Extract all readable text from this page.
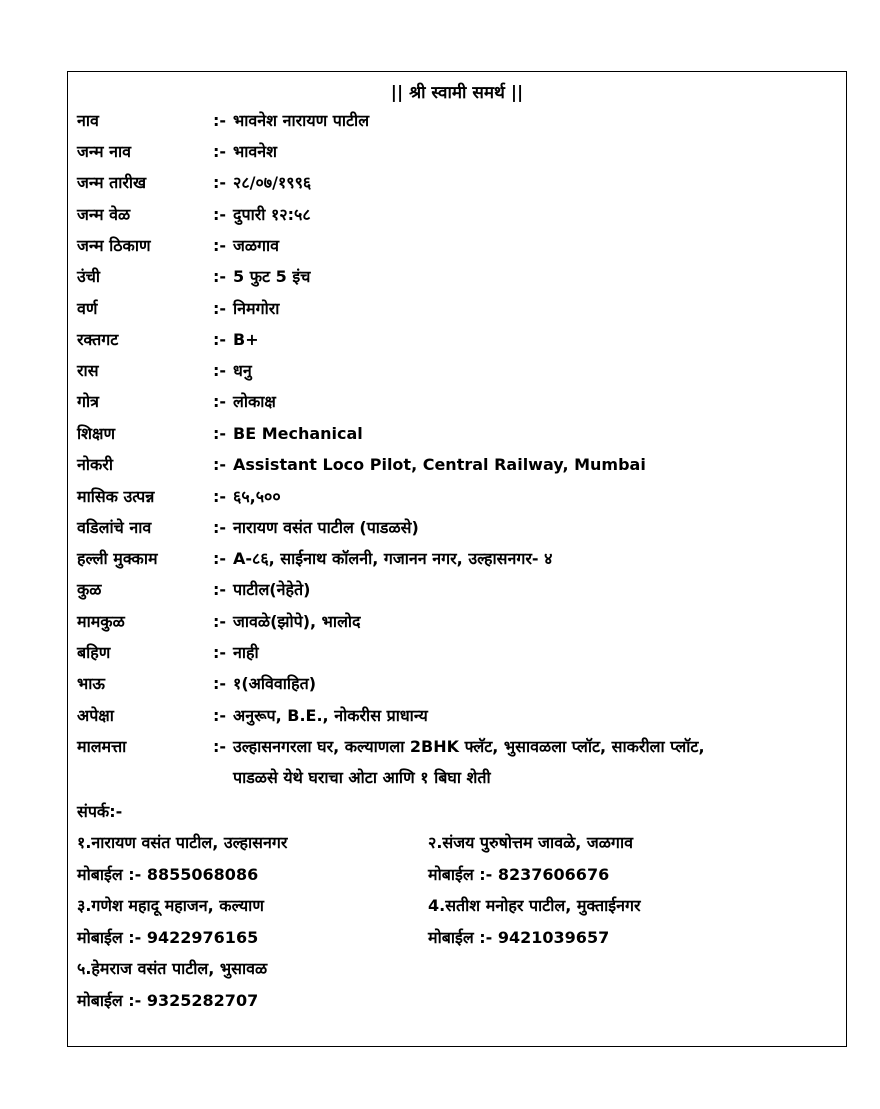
|| श्री स्वामी समर्थ ||
नाव	:- भावनेश नारायण पाटील
जन्म नाव	:- भावनेश
जन्म तारीख	:- २८/०७/१९९६
जन्म वेळ	:- दुपारी १२:५८
जन्म ठिकाण	:- जळगाव
उंची	:- 5 फुट 5 इंच
वर्ण	:- निमगोरा
रक्तगट	:- B+
रास	:- धनु
गोत्र	:- लोकाक्ष
शिक्षण	:- BE Mechanical
नोकरी	:- Assistant Loco Pilot, Central Railway, Mumbai
मासिक उत्पन्न	:- ६५,५००
वडिलांचे नाव	:- नारायण वसंत पाटील (पाडळसे)
हल्ली मुक्काम	:- A-८६, साईनाथ कॉलनी, गजानन नगर, उल्हासनगर- ४
कुळ	:- पाटील(नेहेते)
मामकुळ	:- जावळे(झोपे), भालोद
बहिण	:- नाही
भाऊ	:- १(अविवाहित)
अपेक्षा	:- अनुरूप, B.E., नोकरीस प्राधान्य
मालमत्ता	:- उल्हासनगरला घर, कल्याणला 2BHK फ्लॅट, भुसावळला प्लॉट, साकरीला प्लॉट,
पाडळसे येथे घराचा ओटा आणि १ बिघा शेती
संपर्क:-
१.नारायण वसंत पाटील, उल्हासनगर
मोबाईल :- 8855068086
२.संजय पुरुषोत्तम जावळे, जळगाव
मोबाईल :- 8237606676
३.गणेश महादू महाजन, कल्याण
मोबाईल :- 9422976165
4.सतीश मनोहर पाटील, मुक्ताईनगर
मोबाईल :- 9421039657
५.हेमराज वसंत पाटील, भुसावळ
मोबाईल :- 9325282707
